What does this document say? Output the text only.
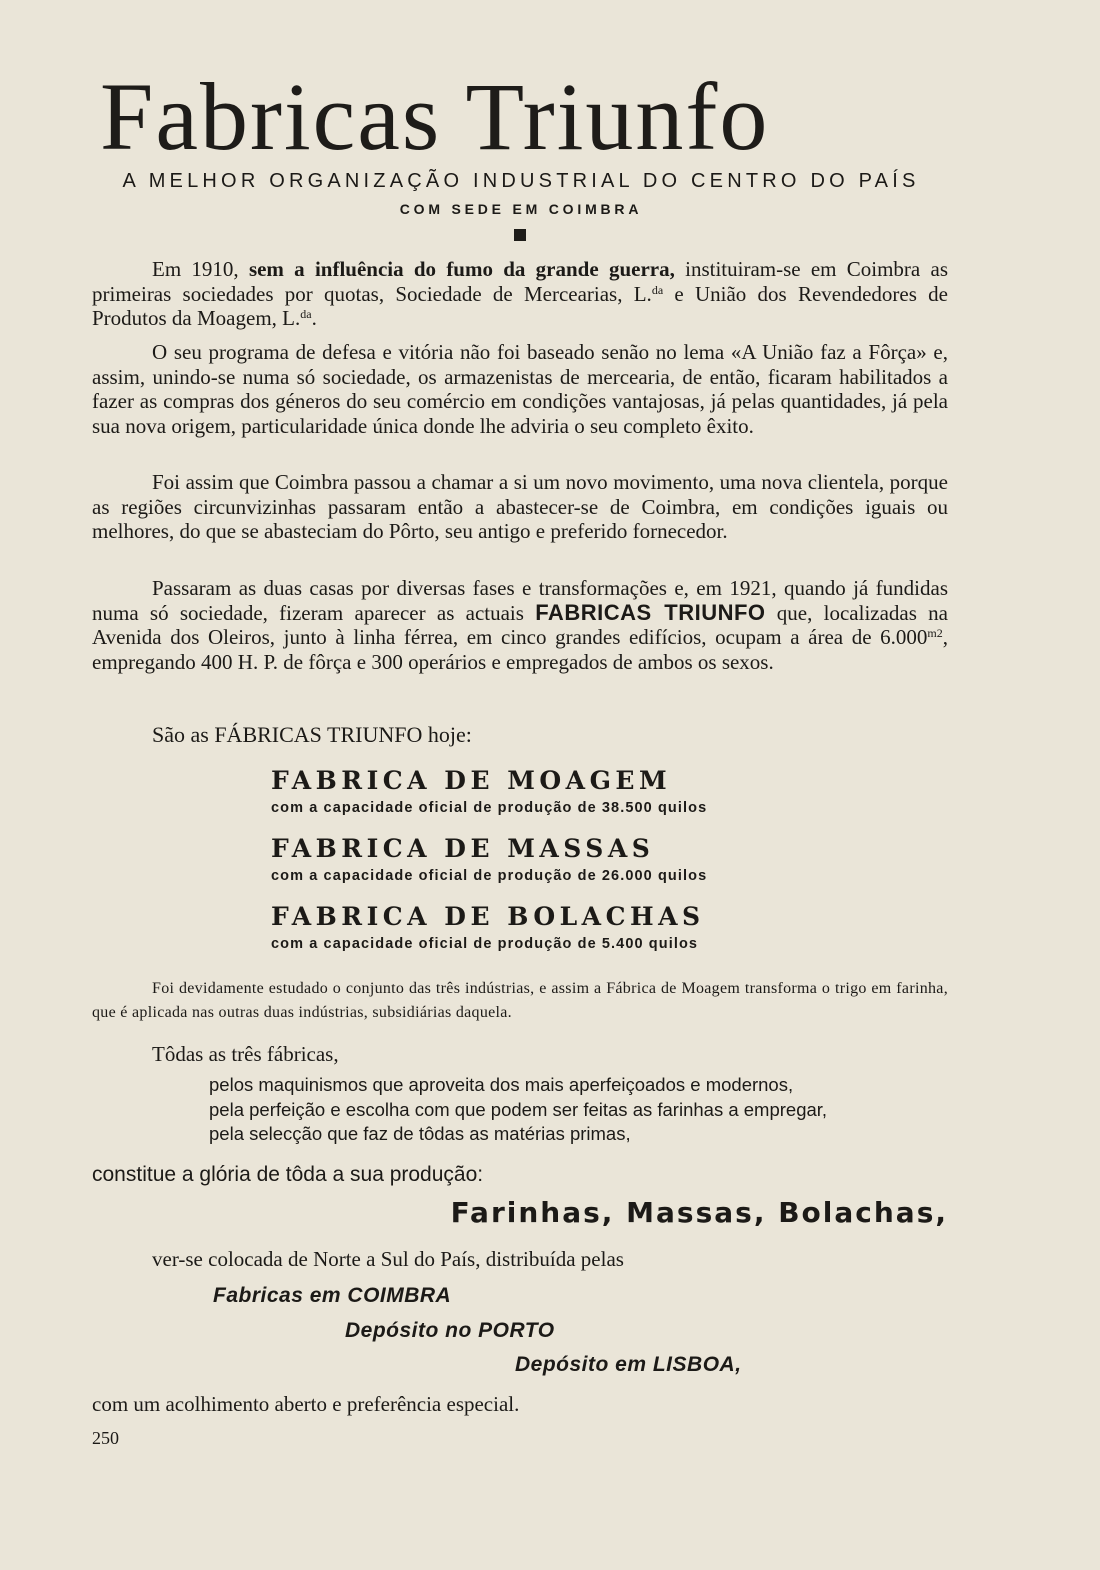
Fabricas Triunfo
A MELHOR ORGANIZAÇÃO INDUSTRIAL DO CENTRO DO PAÍS
COM SEDE EM COIMBRA
Em 1910, sem a influência do fumo da grande guerra, instituiram-se em Coimbra as primeiras sociedades por quotas, Sociedade de Mercearias, L.$^{da}$ e União dos Revendedores de Produtos da Moagem, L.$^{da}$.
O seu programa de defesa e vitória não foi baseado senão no lema «A União faz a Fôrça» e, assim, unindo-se numa só sociedade, os armazenistas de mercearia, de então, ficaram habilitados a fazer as compras dos géneros do seu comércio em condições vantajosas, já pelas quantidades, já pela sua nova origem, particularidade única donde lhe adviria o seu completo êxito.
Foi assim que Coimbra passou a chamar a si um novo movimento, uma nova clientela, porque as regiões circunvizinhas passaram então a abastecer-se de Coimbra, em condições iguais ou melhores, do que se abasteciam do Pôrto, seu antigo e preferido fornecedor.
Passaram as duas casas por diversas fases e transformações e, em 1921, quando já fundidas numa só sociedade, fizeram aparecer as actuais FABRICAS TRIUNFO que, localizadas na Avenida dos Oleiros, junto à linha férrea, em cinco grandes edifícios, ocupam a área de $6.000^{m2}$, empregando 400 H. P. de fôrça e 300 operários e empregados de ambos os sexos.
São as FÁBRICAS TRIUNFO hoje:
FABRICA DE MOAGEM
com a capacidade oficial de produção de 38.500 quilos
FABRICA DE MASSAS
com a capacidade oficial de produção de 26.000 quilos
FABRICA DE BOLACHAS
com a capacidade oficial de produção de 5.400 quilos
Foi devidamente estudado o conjunto das três indústrias, e assim a Fábrica de Moagem transforma o trigo em farinha, que é aplicada nas outras duas indústrias, subsidiárias daquela.
Tôdas as três fábricas,
pelos maquinismos que aproveita dos mais aperfeiçoados e modernos,
pela perfeição e escolha com que podem ser feitas as farinhas a empregar,
pela selecção que faz de tôdas as matérias primas,
constitue a glória de tôda a sua produção:
Farinhas, Massas, Bolachas,
ver-se colocada de Norte a Sul do País, distribuída pelas
Fabricas em COIMBRA
Depósito no PORTO
Depósito em LISBOA,
com um acolhimento aberto e preferência especial.
250
